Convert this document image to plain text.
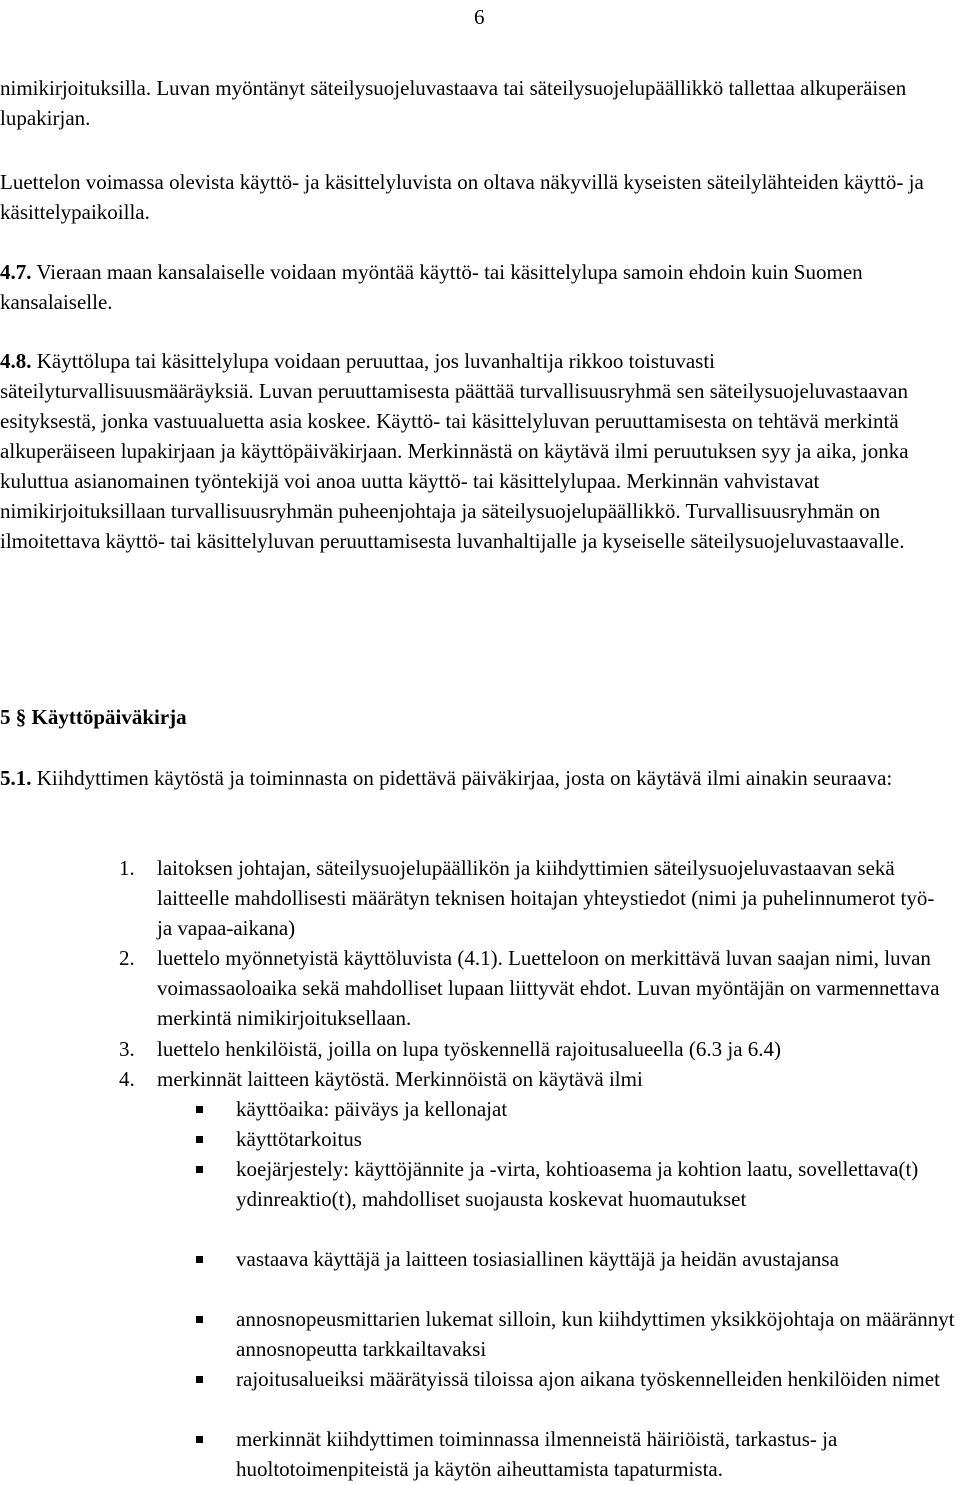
6

nimikirjoituksilla. Luvan myöntänyt säteilysuojeluvastaava tai säteilysuojelupäällikkö tallettaa alkuperäisen lupakirjan.

Luettelon voimassa olevista käyttö- ja käsittelyluvista on oltava näkyvillä kyseisten säteilylähteiden käyttö- ja käsittelypaikoilla.

4.7. Vieraan maan kansalaiselle voidaan myöntää käyttö- tai käsittelylupa samoin ehdoin kuin Suomen kansalaiselle.

4.8. Käyttölupa tai käsittelylupa voidaan peruuttaa, jos luvanhaltija rikkoo toistuvasti säteilyturvallisuusmääräyksiä. Luvan peruuttamisesta päättää turvallisuusryhmä sen säteilysuojeluvastaavan esityksestä, jonka vastuualuetta asia koskee. Käyttö- tai käsittelyluvan peruuttamisesta on tehtävä merkintä alkuperäiseen lupakirjaan ja käyttöpäiväkirjaan. Merkinnästä on käytävä ilmi peruutuksen syy ja aika, jonka kuluttua asianomainen työntekijä voi anoa uutta käyttö- tai käsittelylupaa. Merkinnän vahvistavat nimikirjoituksillaan turvallisuusryhmän puheenjohtaja ja säteilysuojelupäällikkö. Turvallisuusryhmän on ilmoitettava käyttö- tai käsittelyluvan peruuttamisesta luvanhaltijalle ja kyseiselle säteilysuojeluvastaavalle.

5 § Käyttöpäiväkirja

5.1. Kiihdyttimen käytöstä ja toiminnasta on pidettävä päiväkirjaa, josta on käytävä ilmi ainakin seuraava:

1. laitoksen johtajan, säteilysuojelupäällikön ja kiihdyttimien säteilysuojeluvastaavan sekä laitteelle mahdollisesti määrätyn teknisen hoitajan yhteystiedot (nimi ja puhelinnumerot työ- ja vapaa-aikana)
2. luettelo myönnetyistä käyttöluvista (4.1). Luetteloon on merkittävä luvan saajan nimi, luvan voimassaoloaika sekä mahdolliset lupaan liittyvät ehdot. Luvan myöntäjän on varmennettava merkintä nimikirjoituksellaan.
3. luettelo henkilöistä, joilla on lupa työskennellä rajoitusalueella (6.3 ja 6.4)
4. merkinnät laitteen käytöstä. Merkinnöistä on käytävä ilmi
käyttöaika: päiväys ja kellonajat
käyttötarkoitus
koejärjestely: käyttöjännite ja -virta, kohtioasema ja kohtion laatu, sovellettava(t) ydinreaktio(t), mahdolliset suojausta koskevat huomautukset
vastaava käyttäjä ja laitteen tosiasiallinen käyttäjä ja heidän avustajansa
annosnopeusmittarien lukemat silloin, kun kiihdyttimen yksikköjohtaja on määrännyt annosnopeutta tarkkailtavaksi
rajoitusalueiksi määrätyissä tiloissa ajon aikana työskennelleiden henkilöiden nimet
merkinnät kiihdyttimen toiminnassa ilmenneistä häiriöistä, tarkastus- ja huoltotoimenpiteistä ja käytön aiheuttamista tapaturmista.
